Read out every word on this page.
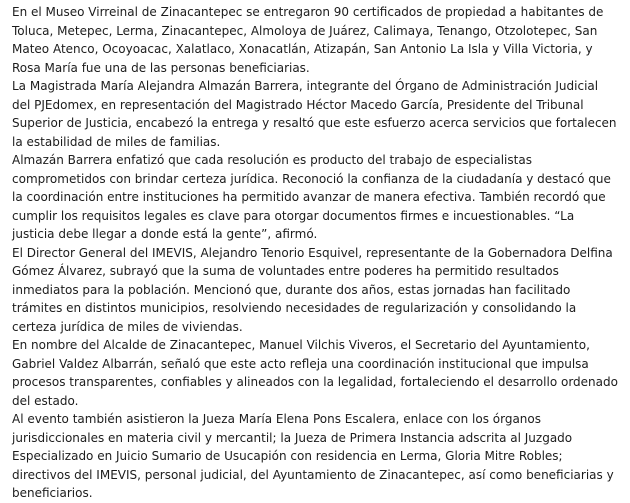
En el Museo Virreinal de Zinacantepec se entregaron 90 certificados de propiedad a habitantes de Toluca, Metepec, Lerma, Zinacantepec, Almoloya de Juárez, Calimaya, Tenango, Otzolotepec, San Mateo Atenco, Ocoyoacac, Xalatlaco, Xonacatlán, Atizapán, San Antonio La Isla y Villa Victoria, y Rosa María fue una de las personas beneficiarias.

La Magistrada María Alejandra Almazán Barrera, integrante del Órgano de Administración Judicial del PJEdomex, en representación del Magistrado Héctor Macedo García, Presidente del Tribunal Superior de Justicia, encabezó la entrega y resaltó que este esfuerzo acerca servicios que fortalecen la estabilidad de miles de familias.

Almazán Barrera enfatizó que cada resolución es producto del trabajo de especialistas comprometidos con brindar certeza jurídica. Reconoció la confianza de la ciudadanía y destacó que la coordinación entre instituciones ha permitido avanzar de manera efectiva. También recordó que cumplir los requisitos legales es clave para otorgar documentos firmes e incuestionables. “La justicia debe llegar a donde está la gente”, afirmó.

El Director General del IMEVIS, Alejandro Tenorio Esquivel, representante de la Gobernadora Delfina Gómez Álvarez, subrayó que la suma de voluntades entre poderes ha permitido resultados inmediatos para la población. Mencionó que, durante dos años, estas jornadas han facilitado trámites en distintos municipios, resolviendo necesidades de regularización y consolidando la certeza jurídica de miles de viviendas.

En nombre del Alcalde de Zinacantepec, Manuel Vilchis Viveros, el Secretario del Ayuntamiento, Gabriel Valdez Albarrán, señaló que este acto refleja una coordinación institucional que impulsa procesos transparentes, confiables y alineados con la legalidad, fortaleciendo el desarrollo ordenado del estado.

Al evento también asistieron la Jueza María Elena Pons Escalera, enlace con los órganos jurisdiccionales en materia civil y mercantil; la Jueza de Primera Instancia adscrita al Juzgado Especializado en Juicio Sumario de Usucapión con residencia en Lerma, Gloria Mitre Robles; directivos del IMEVIS, personal judicial, del Ayuntamiento de Zinacantepec, así como beneficiarias y beneficiarios.
